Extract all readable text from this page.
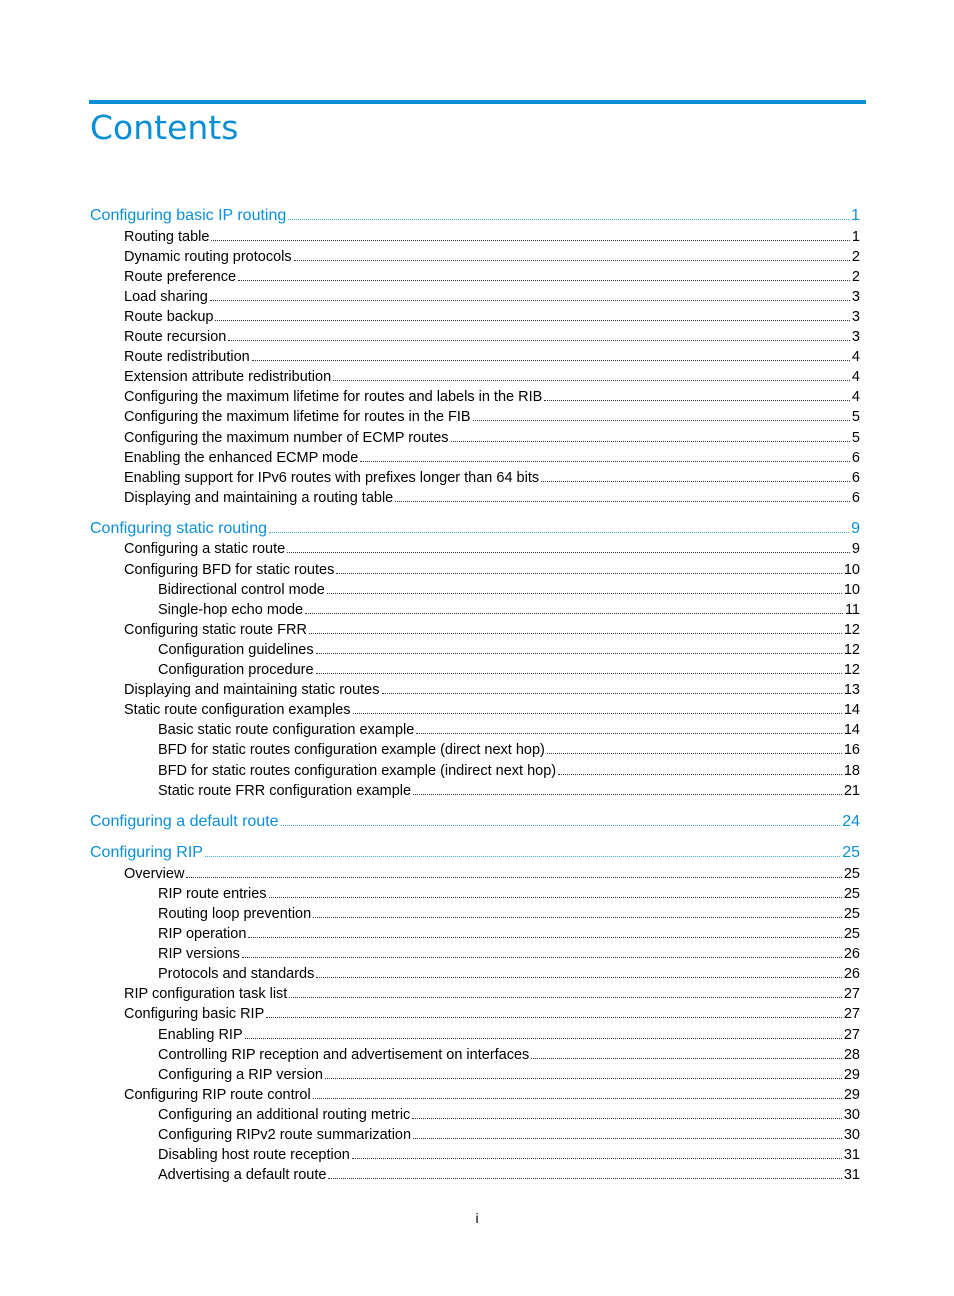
Contents
Configuring basic IP routing	1
Routing table	1
Dynamic routing protocols	2
Route preference	2
Load sharing	3
Route backup	3
Route recursion	3
Route redistribution	4
Extension attribute redistribution	4
Configuring the maximum lifetime for routes and labels in the RIB	4
Configuring the maximum lifetime for routes in the FIB	5
Configuring the maximum number of ECMP routes	5
Enabling the enhanced ECMP mode	6
Enabling support for IPv6 routes with prefixes longer than 64 bits	6
Displaying and maintaining a routing table	6
Configuring static routing	9
Configuring a static route	9
Configuring BFD for static routes	10
Bidirectional control mode	10
Single-hop echo mode	11
Configuring static route FRR	12
Configuration guidelines	12
Configuration procedure	12
Displaying and maintaining static routes	13
Static route configuration examples	14
Basic static route configuration example	14
BFD for static routes configuration example (direct next hop)	16
BFD for static routes configuration example (indirect next hop)	18
Static route FRR configuration example	21
Configuring a default route	24
Configuring RIP	25
Overview	25
RIP route entries	25
Routing loop prevention	25
RIP operation	25
RIP versions	26
Protocols and standards	26
RIP configuration task list	27
Configuring basic RIP	27
Enabling RIP	27
Controlling RIP reception and advertisement on interfaces	28
Configuring a RIP version	29
Configuring RIP route control	29
Configuring an additional routing metric	30
Configuring RIPv2 route summarization	30
Disabling host route reception	31
Advertising a default route	31
i
